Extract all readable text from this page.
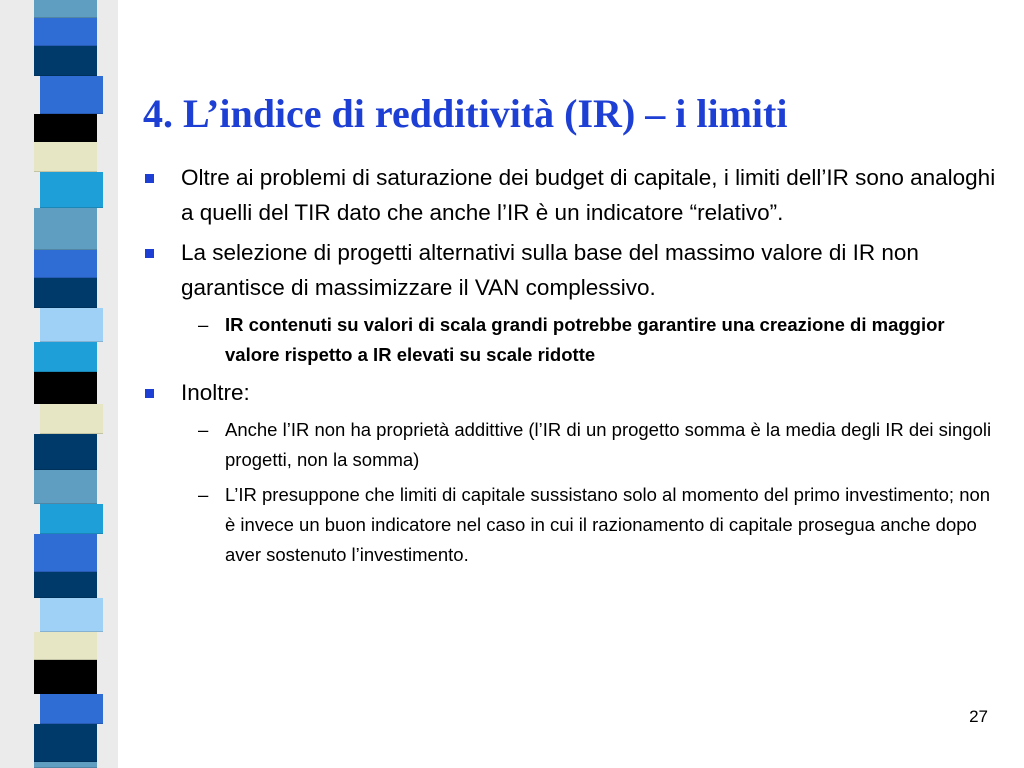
4. L’indice di redditività (IR) – i limiti
Oltre ai problemi di saturazione dei budget di capitale, i limiti dell’IR sono analoghi a quelli del TIR dato che anche l’IR è un indicatore “relativo”.
La selezione di progetti alternativi sulla base del massimo valore di IR non garantisce di massimizzare il VAN complessivo.
– IR contenuti su valori di scala grandi potrebbe garantire una creazione di maggior valore rispetto a IR elevati su scale ridotte
Inoltre:
– Anche l’IR non ha proprietà addittive (l’IR di un progetto somma è la media degli IR dei singoli progetti, non la somma)
– L’IR presuppone che limiti di capitale sussistano solo al momento del primo investimento; non è invece un buon indicatore nel caso in cui il razionamento di capitale prosegua anche dopo aver sostenuto l’investimento.
27
